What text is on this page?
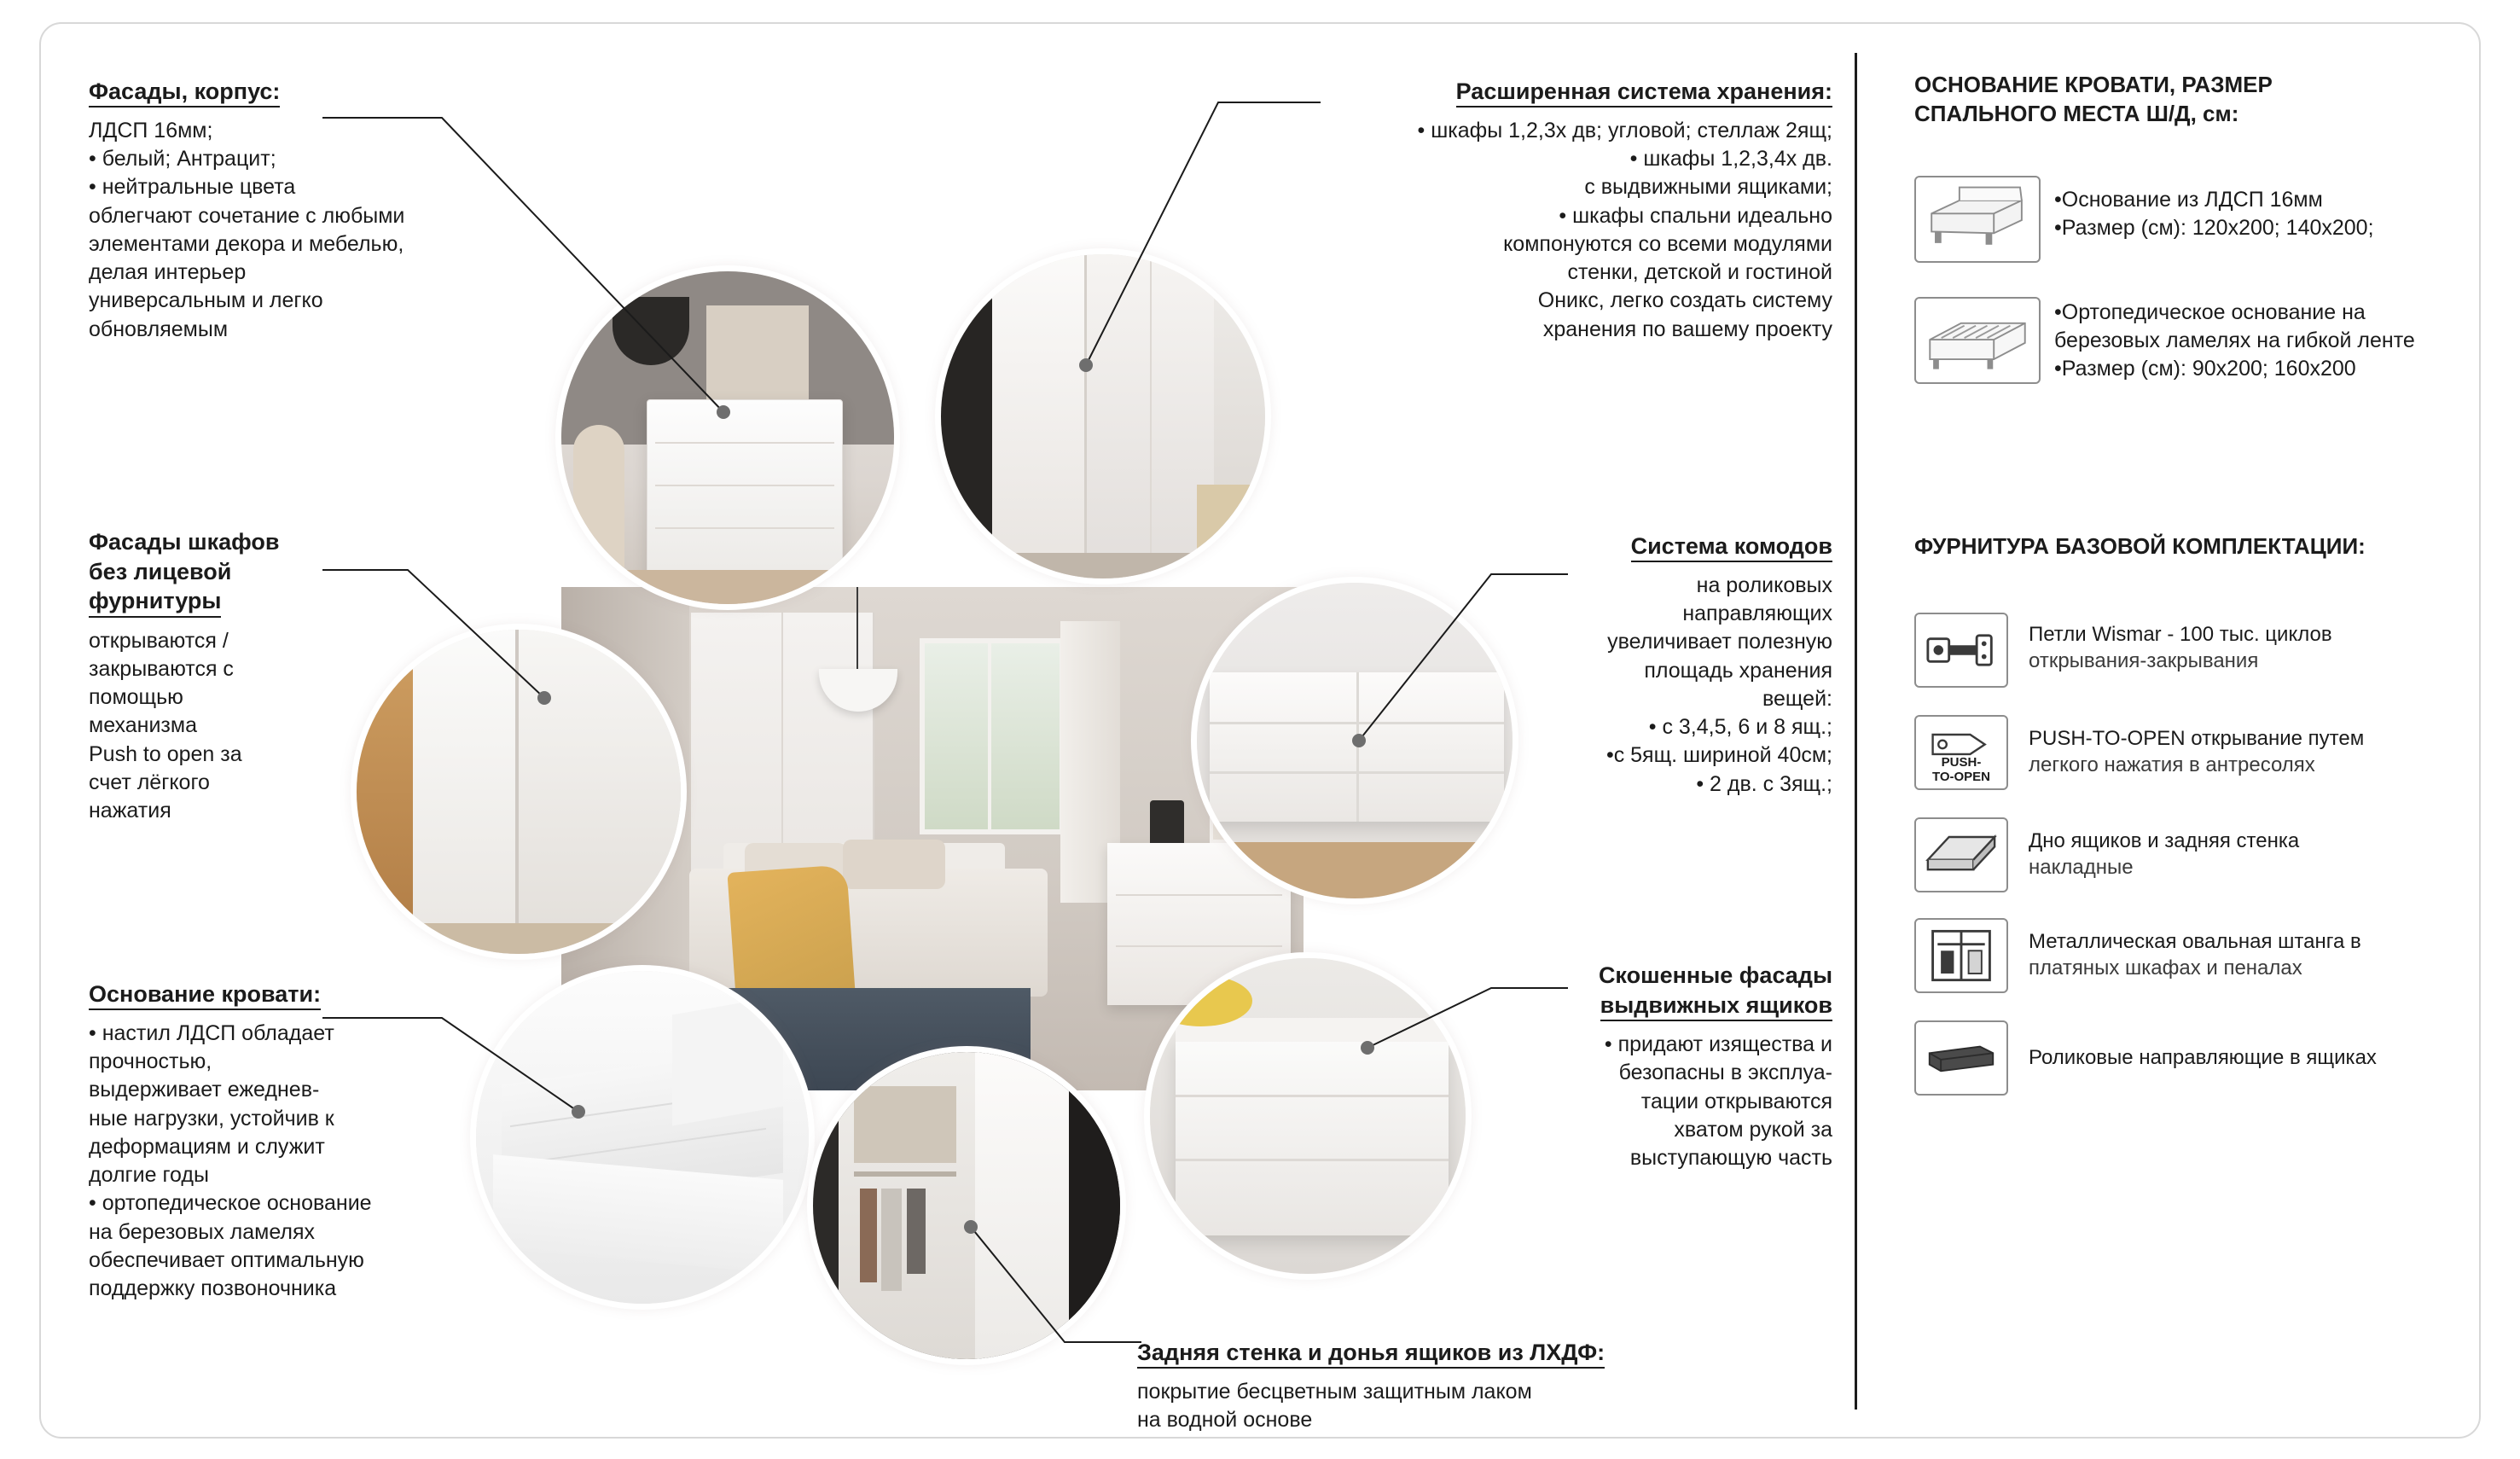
Фасады, корпус:

ЛДСП 16мм;

• белый; Антрацит;

• нейтральные цвета

облегчают сочетание с любыми

элементами декора и мебелью,

делая интерьер

универсальным и легко

обновляемым

Фасады шкафов
без лицевой
фурнитуры

открываются /

закрываются с

помощью

механизма

Push to open за

счет лёгкого

нажатия

Основание кровати:

• настил ЛДСП обладает

прочностью,

выдерживает ежеднев-

ные нагрузки, устойчив к

деформациям и служит

долгие годы

• ортопедическое основание

на березовых ламелях

обеспечивает оптимальную

поддержку позвоночника

Расширенная система хранения:

• шкафы 1,2,3х дв; угловой; стеллаж 2ящ;

• шкафы 1,2,3,4х дв.

с выдвижными ящиками;

• шкафы спальни идеально

компонуются со всеми модулями

стенки, детской и гостиной

Оникс, легко создать систему

хранения по вашему проекту

Система комодов

на роликовых

направляющих

увеличивает полезную

площадь хранения

вещей:

• с 3,4,5, 6 и 8 ящ.;

•с 5ящ. шириной 40см;

• 2 дв. с 3ящ.;

Скошенные фасады
выдвижных ящиков

• придают изящества и

безопасны в эксплуа-

тации открываются

хватом рукой за

выступающую часть

Задняя стенка и донья ящиков из ЛХДФ:

покрытие бесцветным защитным лаком

на водной основе

ОСНОВАНИЕ КРОВАТИ, РАЗМЕР
СПАЛЬНОГО МЕСТА Ш/Д, см:
•Основание из ЛДСП 16мм
•Размер (см): 120х200; 140х200;
•Ортопедическое основание на
березовых ламелях на гибкой ленте
•Размер (см): 90х200; 160х200
ФУРНИТУРА БАЗОВОЙ КОМПЛЕКТАЦИИ:
Петли Wismar - 100 тыс. циклов
открывания-закрывания
PUSH-
TO-OPEN
PUSH-TO-OPEN открывание путем
легкого нажатия в антресолях
Дно ящиков и задняя стенка
накладные
Металлическая овальная штанга в
платяных шкафах и пеналах
Роликовые направляющие в ящиках
